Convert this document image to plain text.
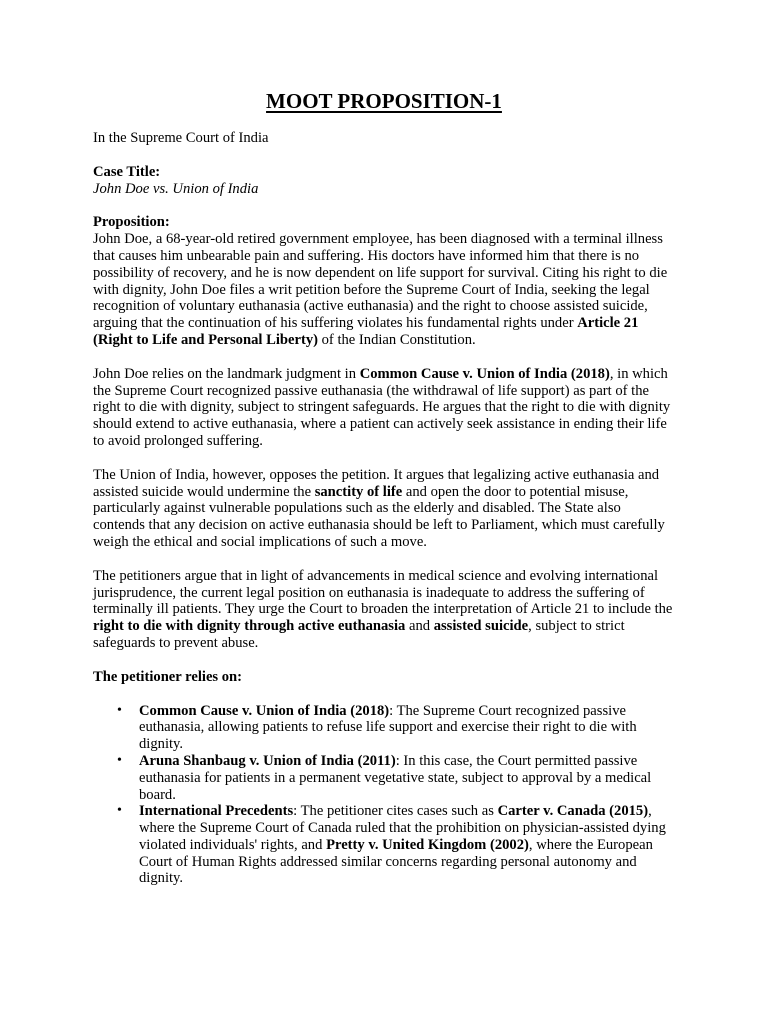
MOOT PROPOSITION-1

In the Supreme Court of India

Case Title:

John Doe vs. Union of India

Proposition:

John Doe, a 68-year-old retired government employee, has been diagnosed with a terminal illness that causes him unbearable pain and suffering. His doctors have informed him that there is no possibility of recovery, and he is now dependent on life support for survival. Citing his right to die with dignity, John Doe files a writ petition before the Supreme Court of India, seeking the legal recognition of voluntary euthanasia (active euthanasia) and the right to choose assisted suicide, arguing that the continuation of his suffering violates his fundamental rights under Article 21 (Right to Life and Personal Liberty) of the Indian Constitution.

John Doe relies on the landmark judgment in Common Cause v. Union of India (2018), in which the Supreme Court recognized passive euthanasia (the withdrawal of life support) as part of the right to die with dignity, subject to stringent safeguards. He argues that the right to die with dignity should extend to active euthanasia, where a patient can actively seek assistance in ending their life to avoid prolonged suffering.

The Union of India, however, opposes the petition. It argues that legalizing active euthanasia and assisted suicide would undermine the sanctity of life and open the door to potential misuse, particularly against vulnerable populations such as the elderly and disabled. The State also contends that any decision on active euthanasia should be left to Parliament, which must carefully weigh the ethical and social implications of such a move.

The petitioners argue that in light of advancements in medical science and evolving international jurisprudence, the current legal position on euthanasia is inadequate to address the suffering of terminally ill patients. They urge the Court to broaden the interpretation of Article 21 to include the right to die with dignity through active euthanasia and assisted suicide, subject to strict safeguards to prevent abuse.

The petitioner relies on:

• Common Cause v. Union of India (2018): The Supreme Court recognized passive euthanasia, allowing patients to refuse life support and exercise their right to die with dignity.
• Aruna Shanbaug v. Union of India (2011): In this case, the Court permitted passive euthanasia for patients in a permanent vegetative state, subject to approval by a medical board.
• International Precedents: The petitioner cites cases such as Carter v. Canada (2015), where the Supreme Court of Canada ruled that the prohibition on physician-assisted dying violated individuals' rights, and Pretty v. United Kingdom (2002), where the European Court of Human Rights addressed similar concerns regarding personal autonomy and dignity.
